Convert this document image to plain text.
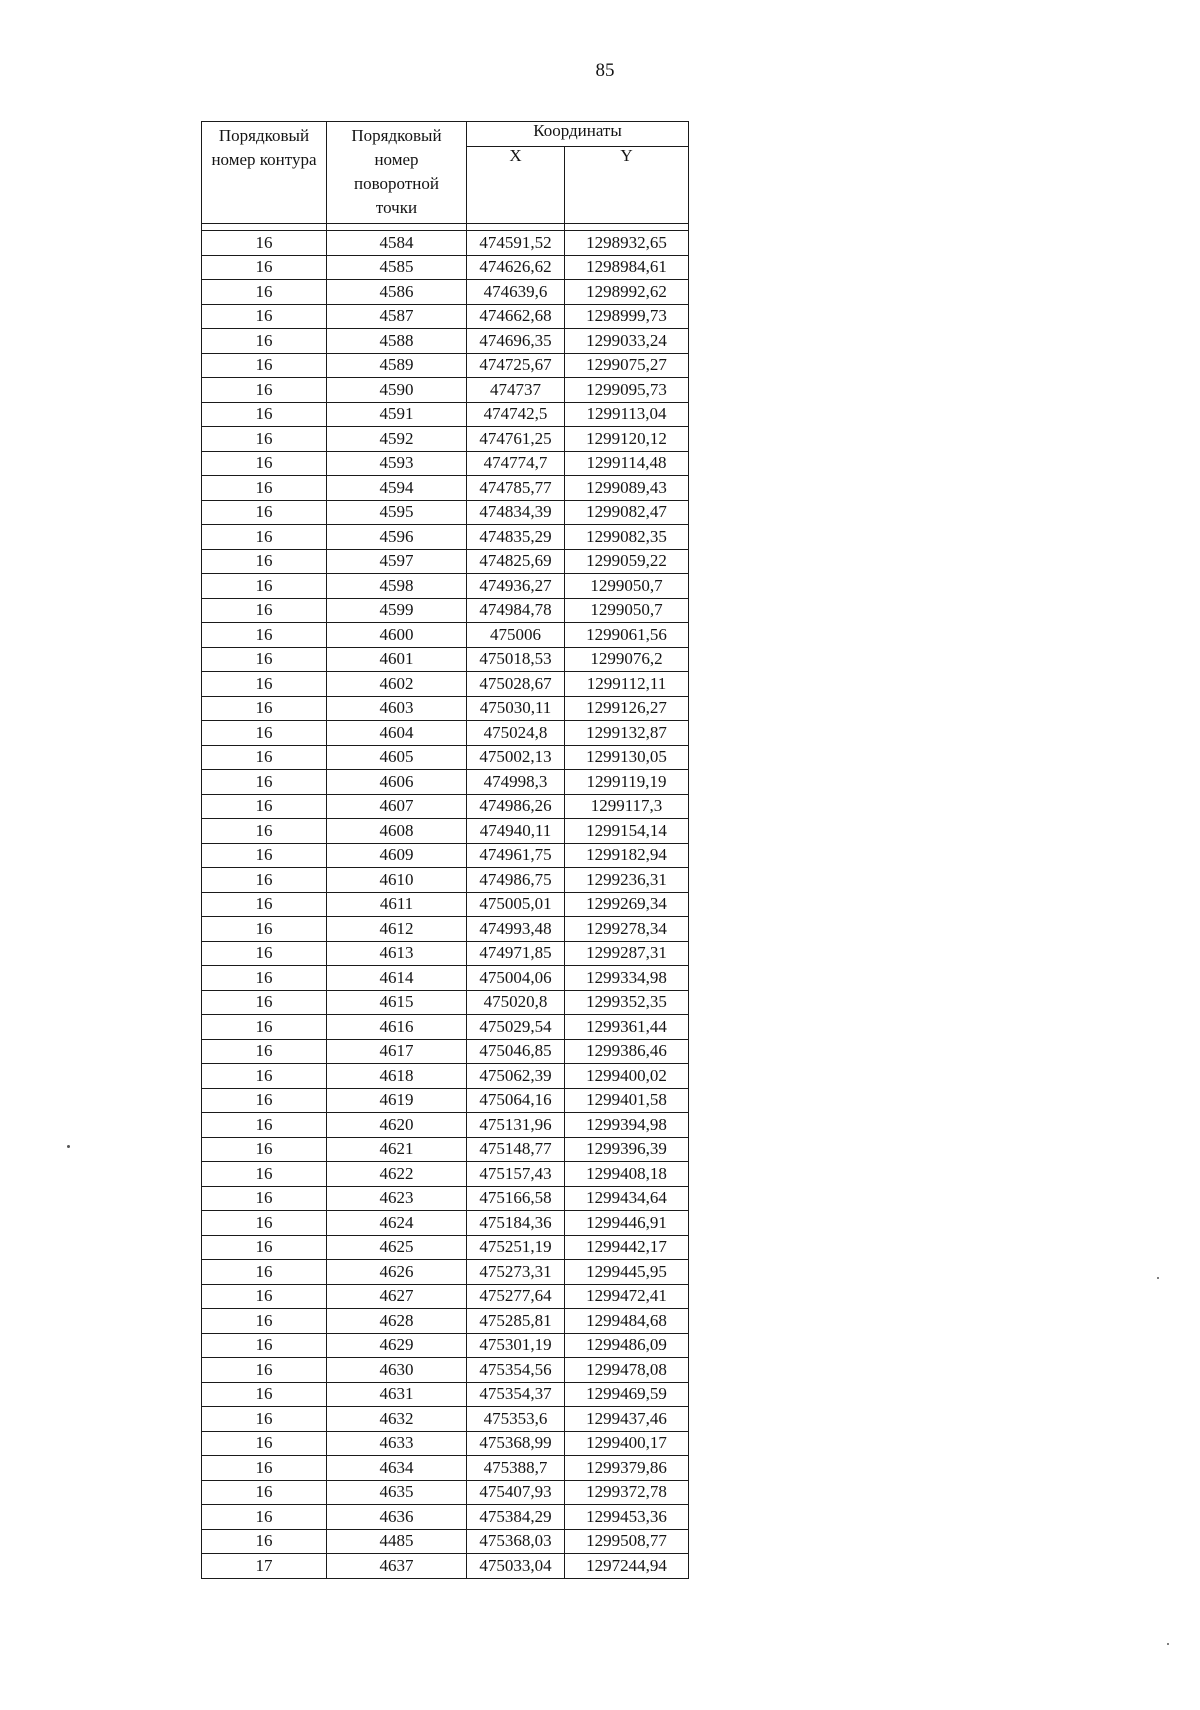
85
Порядковый номер контура	Порядковый номер поворотной точки	Координаты	
		X	Y

16	4584	474591,52	1298932,65
16	4585	474626,62	1298984,61
16	4586	474639,6	1298992,62
16	4587	474662,68	1298999,73
16	4588	474696,35	1299033,24
16	4589	474725,67	1299075,27
16	4590	474737	1299095,73
16	4591	474742,5	1299113,04
16	4592	474761,25	1299120,12
16	4593	474774,7	1299114,48
16	4594	474785,77	1299089,43
16	4595	474834,39	1299082,47
16	4596	474835,29	1299082,35
16	4597	474825,69	1299059,22
16	4598	474936,27	1299050,7
16	4599	474984,78	1299050,7
16	4600	475006	1299061,56
16	4601	475018,53	1299076,2
16	4602	475028,67	1299112,11
16	4603	475030,11	1299126,27
16	4604	475024,8	1299132,87
16	4605	475002,13	1299130,05
16	4606	474998,3	1299119,19
16	4607	474986,26	1299117,3
16	4608	474940,11	1299154,14
16	4609	474961,75	1299182,94
16	4610	474986,75	1299236,31
16	4611	475005,01	1299269,34
16	4612	474993,48	1299278,34
16	4613	474971,85	1299287,31
16	4614	475004,06	1299334,98
16	4615	475020,8	1299352,35
16	4616	475029,54	1299361,44
16	4617	475046,85	1299386,46
16	4618	475062,39	1299400,02
16	4619	475064,16	1299401,58
16	4620	475131,96	1299394,98
16	4621	475148,77	1299396,39
16	4622	475157,43	1299408,18
16	4623	475166,58	1299434,64
16	4624	475184,36	1299446,91
16	4625	475251,19	1299442,17
16	4626	475273,31	1299445,95
16	4627	475277,64	1299472,41
16	4628	475285,81	1299484,68
16	4629	475301,19	1299486,09
16	4630	475354,56	1299478,08
16	4631	475354,37	1299469,59
16	4632	475353,6	1299437,46
16	4633	475368,99	1299400,17
16	4634	475388,7	1299379,86
16	4635	475407,93	1299372,78
16	4636	475384,29	1299453,36
16	4485	475368,03	1299508,77
17	4637	475033,04	1297244,94
